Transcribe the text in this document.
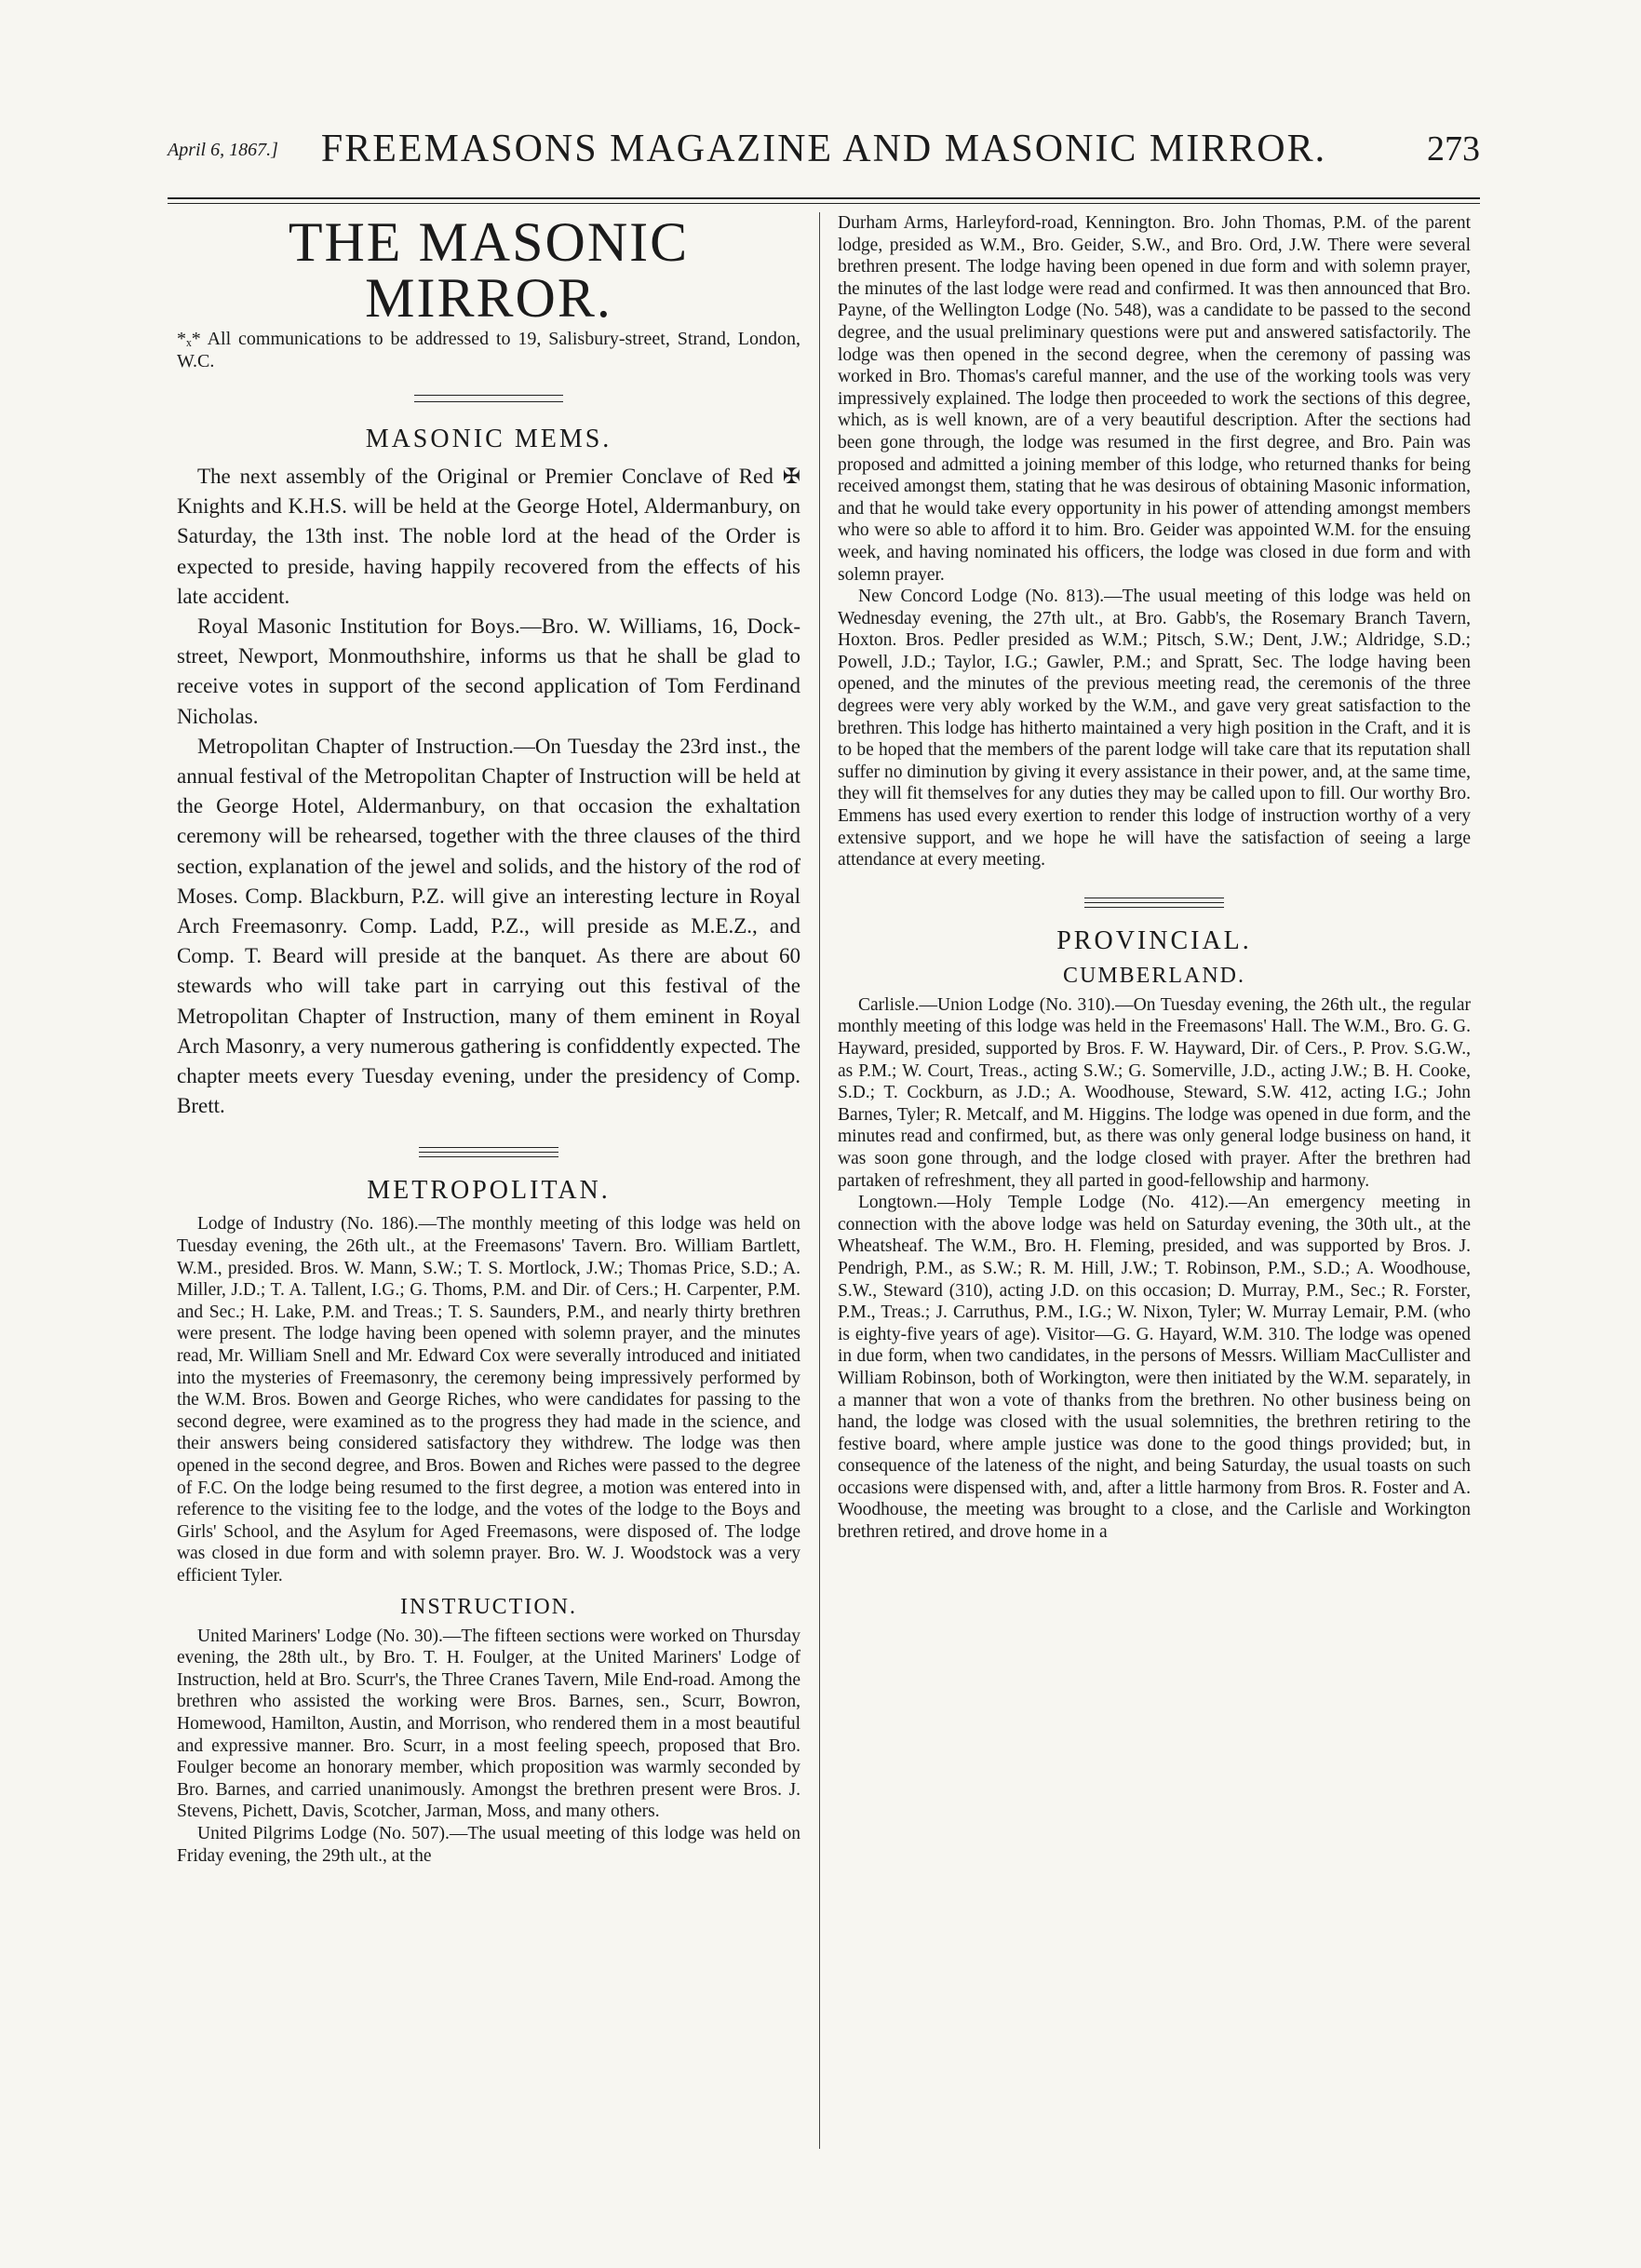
April 6, 1867.]	FREEMASONS MAGAZINE AND MASONIC MIRROR.	273
THE MASONIC MIRROR.

*ₓ* All communications to be addressed to 19, Salisbury-street, Strand, London, W.C.

MASONIC MEMS.

The next assembly of the Original or Premier Conclave of Red ✠ Knights and K.H.S. will be held at the George Hotel, Aldermanbury, on Saturday, the 13th inst. The noble lord at the head of the Order is expected to preside, having happily recovered from the effects of his late accident.

Royal Masonic Institution for Boys.—Bro. W. Williams, 16, Dock-street, Newport, Monmouthshire, informs us that he shall be glad to receive votes in support of the second application of Tom Ferdinand Nicholas.

Metropolitan Chapter of Instruction.—On Tuesday the 23rd inst., the annual festival of the Metropolitan Chapter of Instruction will be held at the George Hotel, Aldermanbury, on that occasion the exhaltation ceremony will be rehearsed, together with the three clauses of the third section, explanation of the jewel and solids, and the history of the rod of Moses. Comp. Blackburn, P.Z. will give an interesting lecture in Royal Arch Freemasonry. Comp. Ladd, P.Z., will preside as M.E.Z., and Comp. T. Beard will preside at the banquet. As there are about 60 stewards who will take part in carrying out this festival of the Metropolitan Chapter of Instruction, many of them eminent in Royal Arch Masonry, a very numerous gathering is confiddently expected. The chapter meets every Tuesday evening, under the presidency of Comp. Brett.

METROPOLITAN.

Lodge of Industry (No. 186).—The monthly meeting of this lodge was held on Tuesday evening, the 26th ult., at the Freemasons' Tavern. Bro. William Bartlett, W.M., presided. Bros. W. Mann, S.W.; T. S. Mortlock, J.W.; Thomas Price, S.D.; A. Miller, J.D.; T. A. Tallent, I.G.; G. Thoms, P.M. and Dir. of Cers.; H. Carpenter, P.M. and Sec.; H. Lake, P.M. and Treas.; T. S. Saunders, P.M., and nearly thirty brethren were present. The lodge having been opened with solemn prayer, and the minutes read, Mr. William Snell and Mr. Edward Cox were severally introduced and initiated into the mysteries of Freemasonry, the ceremony being impressively performed by the W.M. Bros. Bowen and George Riches, who were candidates for passing to the second degree, were examined as to the progress they had made in the science, and their answers being considered satisfactory they withdrew. The lodge was then opened in the second degree, and Bros. Bowen and Riches were passed to the degree of F.C. On the lodge being resumed to the first degree, a motion was entered into in reference to the visiting fee to the lodge, and the votes of the lodge to the Boys and Girls' School, and the Asylum for Aged Freemasons, were disposed of. The lodge was closed in due form and with solemn prayer. Bro. W. J. Woodstock was a very efficient Tyler.

INSTRUCTION.

United Mariners' Lodge (No. 30).—The fifteen sections were worked on Thursday evening, the 28th ult., by Bro. T. H. Foulger, at the United Mariners' Lodge of Instruction, held at Bro. Scurr's, the Three Cranes Tavern, Mile End-road. Among the brethren who assisted the working were Bros. Barnes, sen., Scurr, Bowron, Homewood, Hamilton, Austin, and Morrison, who rendered them in a most beautiful and expressive manner. Bro. Scurr, in a most feeling speech, proposed that Bro. Foulger become an honorary member, which proposition was warmly seconded by Bro. Barnes, and carried unanimously. Amongst the brethren present were Bros. J. Stevens, Pichett, Davis, Scotcher, Jarman, Moss, and many others.

United Pilgrims Lodge (No. 507).—The usual meeting of this lodge was held on Friday evening, the 29th ult., at the

Durham Arms, Harleyford-road, Kennington. Bro. John Thomas, P.M. of the parent lodge, presided as W.M., Bro. Geider, S.W., and Bro. Ord, J.W. There were several brethren present. The lodge having been opened in due form and with solemn prayer, the minutes of the last lodge were read and confirmed. It was then announced that Bro. Payne, of the Wellington Lodge (No. 548), was a candidate to be passed to the second degree, and the usual preliminary questions were put and answered satisfactorily. The lodge was then opened in the second degree, when the ceremony of passing was worked in Bro. Thomas's careful manner, and the use of the working tools was very impressively explained. The lodge then proceeded to work the sections of this degree, which, as is well known, are of a very beautiful description. After the sections had been gone through, the lodge was resumed in the first degree, and Bro. Pain was proposed and admitted a joining member of this lodge, who returned thanks for being received amongst them, stating that he was desirous of obtaining Masonic information, and that he would take every opportunity in his power of attending amongst members who were so able to afford it to him. Bro. Geider was appointed W.M. for the ensuing week, and having nominated his officers, the lodge was closed in due form and with solemn prayer.

New Concord Lodge (No. 813).—The usual meeting of this lodge was held on Wednesday evening, the 27th ult., at Bro. Gabb's, the Rosemary Branch Tavern, Hoxton. Bros. Pedler presided as W.M.; Pitsch, S.W.; Dent, J.W.; Aldridge, S.D.; Powell, J.D.; Taylor, I.G.; Gawler, P.M.; and Spratt, Sec. The lodge having been opened, and the minutes of the previous meeting read, the ceremonis of the three degrees were very ably worked by the W.M., and gave very great satisfaction to the brethren. This lodge has hitherto maintained a very high position in the Craft, and it is to be hoped that the members of the parent lodge will take care that its reputation shall suffer no diminution by giving it every assistance in their power, and, at the same time, they will fit themselves for any duties they may be called upon to fill. Our worthy Bro. Emmens has used every exertion to render this lodge of instruction worthy of a very extensive support, and we hope he will have the satisfaction of seeing a large attendance at every meeting.

PROVINCIAL.
CUMBERLAND.

Carlisle.—Union Lodge (No. 310).—On Tuesday evening, the 26th ult., the regular monthly meeting of this lodge was held in the Freemasons' Hall. The W.M., Bro. G. G. Hayward, presided, supported by Bros. F. W. Hayward, Dir. of Cers., P. Prov. S.G.W., as P.M.; W. Court, Treas., acting S.W.; G. Somerville, J.D., acting J.W.; B. H. Cooke, S.D.; T. Cockburn, as J.D.; A. Woodhouse, Steward, S.W. 412, acting I.G.; John Barnes, Tyler; R. Metcalf, and M. Higgins. The lodge was opened in due form, and the minutes read and confirmed, but, as there was only general lodge business on hand, it was soon gone through, and the lodge closed with prayer. After the brethren had partaken of refreshment, they all parted in good-fellowship and harmony.

Longtown.—Holy Temple Lodge (No. 412).—An emergency meeting in connection with the above lodge was held on Saturday evening, the 30th ult., at the Wheatsheaf. The W.M., Bro. H. Fleming, presided, and was supported by Bros. J. Pendrigh, P.M., as S.W.; R. M. Hill, J.W.; T. Robinson, P.M., S.D.; A. Woodhouse, S.W., Steward (310), acting J.D. on this occasion; D. Murray, P.M., Sec.; R. Forster, P.M., Treas.; J. Carruthus, P.M., I.G.; W. Nixon, Tyler; W. Murray Lemair, P.M. (who is eighty-five years of age). Visitor—G. G. Hayard, W.M. 310. The lodge was opened in due form, when two candidates, in the persons of Messrs. William MacCullister and William Robinson, both of Workington, were then initiated by the W.M. separately, in a manner that won a vote of thanks from the brethren. No other business being on hand, the lodge was closed with the usual solemnities, the brethren retiring to the festive board, where ample justice was done to the good things provided; but, in consequence of the lateness of the night, and being Saturday, the usual toasts on such occasions were dispensed with, and, after a little harmony from Bros. R. Foster and A. Woodhouse, the meeting was brought to a close, and the Carlisle and Workington brethren retired, and drove home in a
